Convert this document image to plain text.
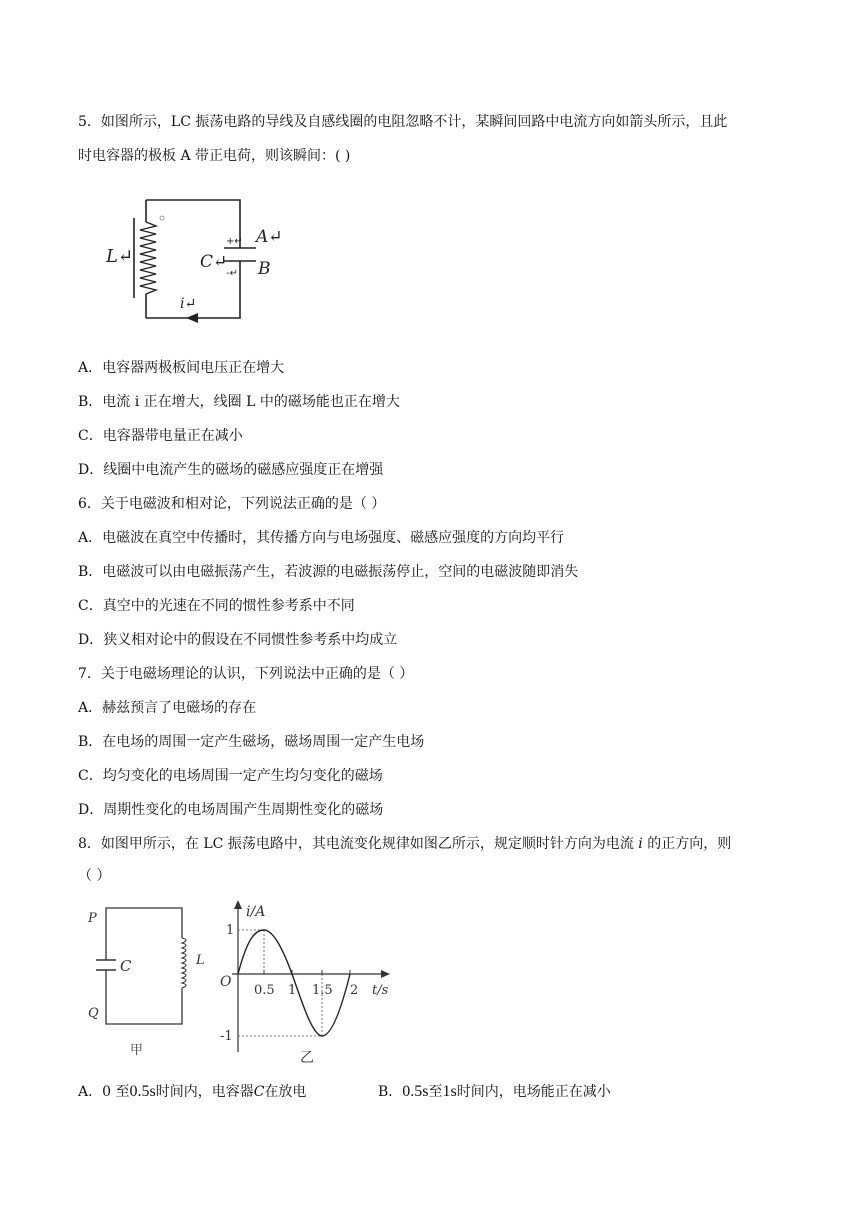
5．如图所示，LC 振荡电路的导线及自感线圈的电阻忽略不计，某瞬间回路中电流方向如箭头所示，且此
时电容器的极板 A 带正电荷，则该瞬间：( )
L↵	C↵
+↵
-↵
A↵
B
i↵
A．电容器两极板间电压正在增大
B．电流 i 正在增大，线圈 L 中的磁场能也正在增大
C．电容器带电量正在减小
D．线圈中电流产生的磁场的磁感应强度正在增强
6．关于电磁波和相对论，下列说法正确的是（ ）
A．电磁波在真空中传播时，其传播方向与电场强度、磁感应强度的方向均平行
B．电磁波可以由电磁振荡产生，若波源的电磁振荡停止，空间的电磁波随即消失
C．真空中的光速在不同的惯性参考系中不同
D．狭义相对论中的假设在不同惯性参考系中均成立
7．关于电磁场理论的认识，下列说法中正确的是（ ）
A．赫兹预言了电磁场的存在
B．在电场的周围一定产生磁场，磁场周围一定产生电场
C．均匀变化的电场周围一定产生均匀变化的磁场
D．周期性变化的电场周围产生周期性变化的磁场
8．如图甲所示，在 LC 振荡电路中，其电流变化规律如图乙所示，规定顺时针方向为电流 i 的正方向，则
（ ）
P
Q
C	L
甲
i/A
t/s
O
1
-1
0.5 1 1.5 2
乙
A．0 至0.5s时间内，电容器C在放电	B．0.5s至1s时间内，电场能正在减小
